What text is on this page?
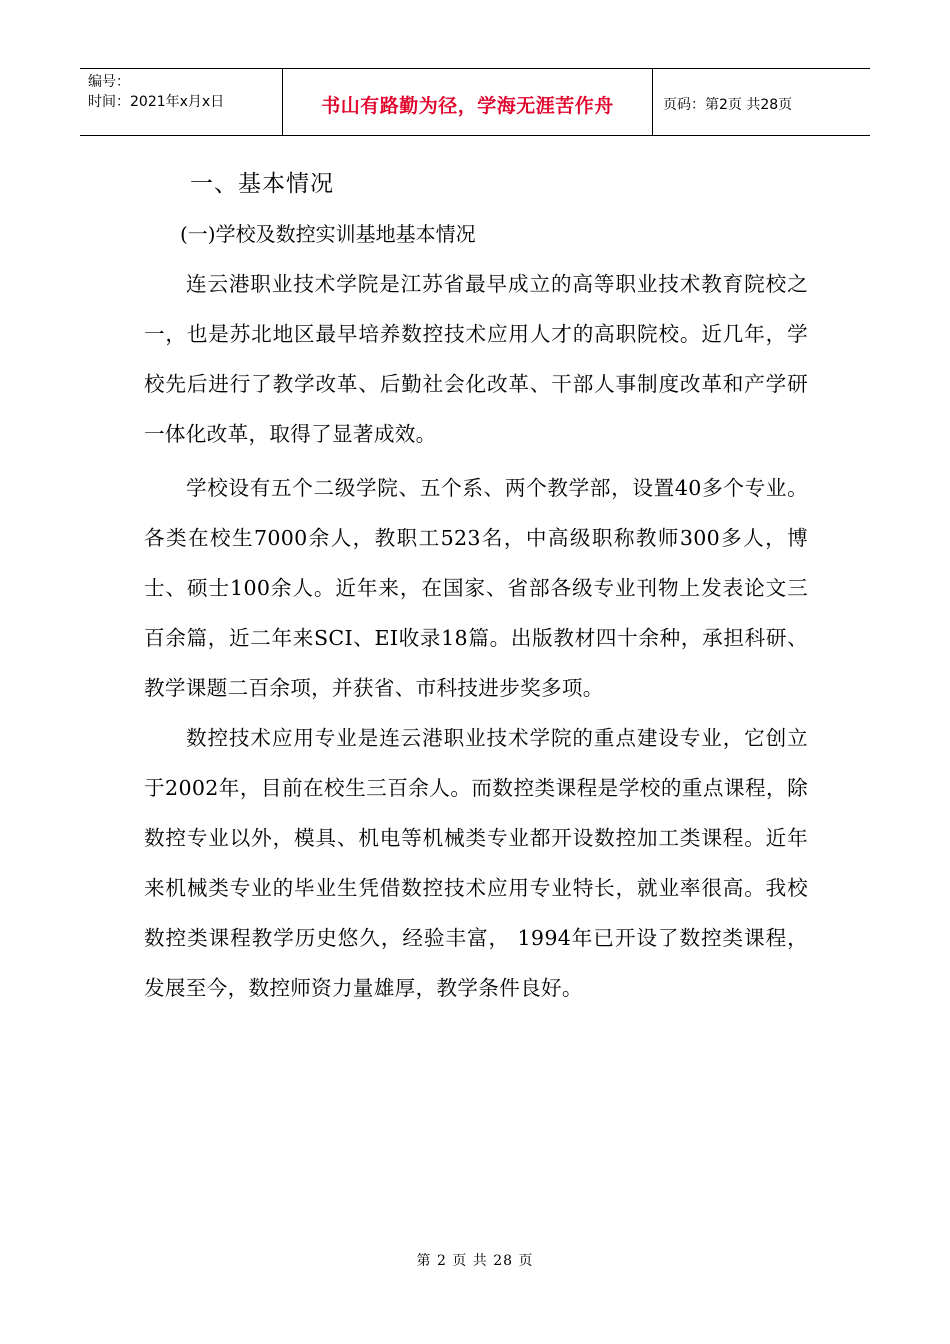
编号：
时间：2021年x月x日	书山有路勤为径，学海无涯苦作舟	页码：第2页 共28页
一、基本情况
(一)学校及数控实训基地基本情况

连云港职业技术学院是江苏省最早成立的高等职业技术教育院校之一，也是苏北地区最早培养数控技术应用人才的高职院校。近几年，学校先后进行了教学改革、后勤社会化改革、干部人事制度改革和产学研一体化改革，取得了显著成效。

学校设有五个二级学院、五个系、两个教学部，设置40多个专业。各类在校生7000余人，教职工523名，中高级职称教师300多人，博士、硕士100余人。近年来，在国家、省部各级专业刊物上发表论文三百余篇，近二年来SCI、EI收录18篇。出版教材四十余种，承担科研、教学课题二百余项，并获省、市科技进步奖多项。

数控技术应用专业是连云港职业技术学院的重点建设专业，它创立于2002年，目前在校生三百余人。而数控类课程是学校的重点课程，除数控专业以外，模具、机电等机械类专业都开设数控加工类课程。近年来机械类专业的毕业生凭借数控技术应用专业特长，就业率很高。我校数控类课程教学历史悠久，经验丰富， 1994年已开设了数控类课程，发展至今，数控师资力量雄厚，教学条件良好。

第 2 页 共 28 页
